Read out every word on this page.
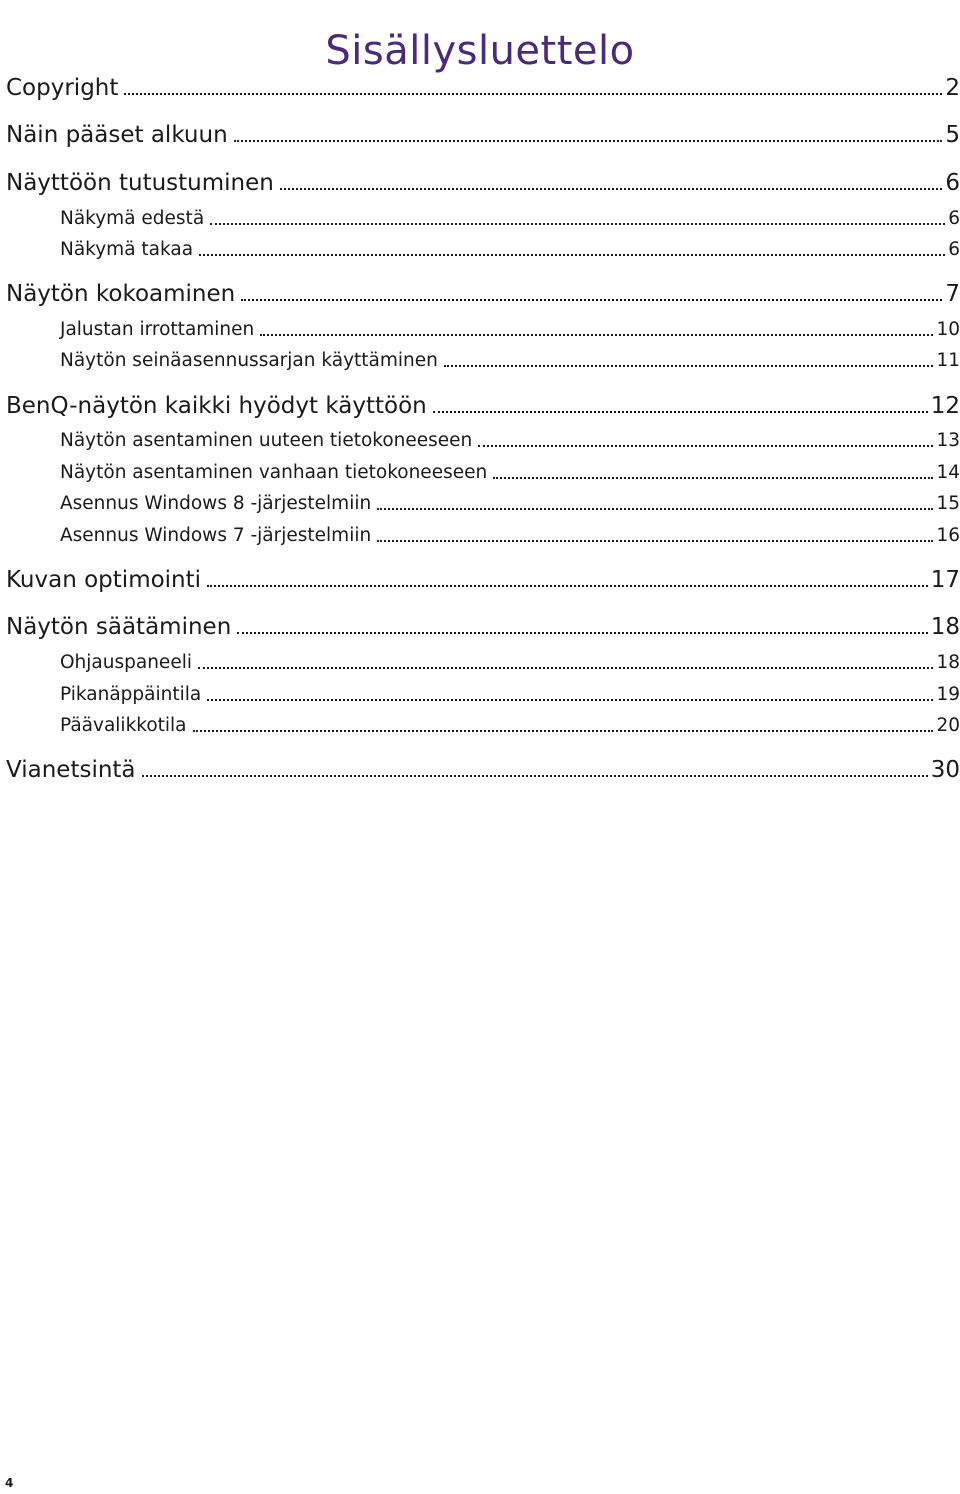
Sisällysluettelo
Copyright	2
Näin pääset alkuun	5
Näyttöön tutustuminen	6
Näkymä edestä	6
Näkymä takaa	6
Näytön kokoaminen	7
Jalustan irrottaminen	10
Näytön seinäasennussarjan käyttäminen	11
BenQ-näytön kaikki hyödyt käyttöön	12
Näytön asentaminen uuteen tietokoneeseen	13
Näytön asentaminen vanhaan tietokoneeseen	14
Asennus Windows 8 -järjestelmiin	15
Asennus Windows 7 -järjestelmiin	16
Kuvan optimointi	17
Näytön säätäminen	18
Ohjauspaneeli	18
Pikanäppäintila	19
Päävalikkotila	20
Vianetsintä	30
4
